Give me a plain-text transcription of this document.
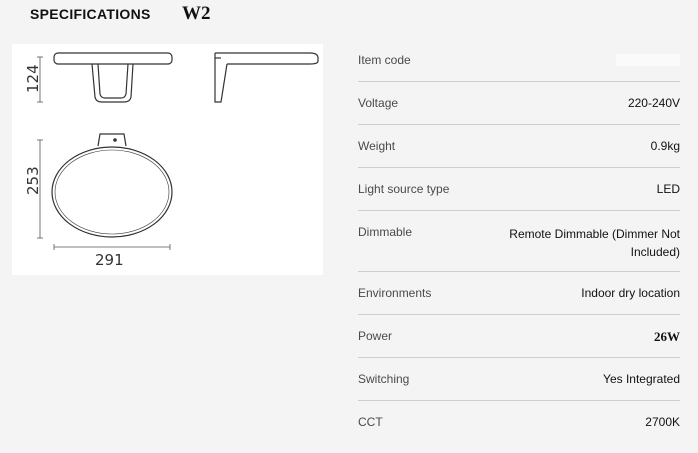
SPECIFICATIONS W2
124
253
291
Item code
Voltage	220-240V
Weight	0.9kg
Light source type	LED
Dimmable	Remote Dimmable (Dimmer Not Included)
Environments	Indoor dry location
Power	26W
Switching	Yes Integrated
CCT	2700K
